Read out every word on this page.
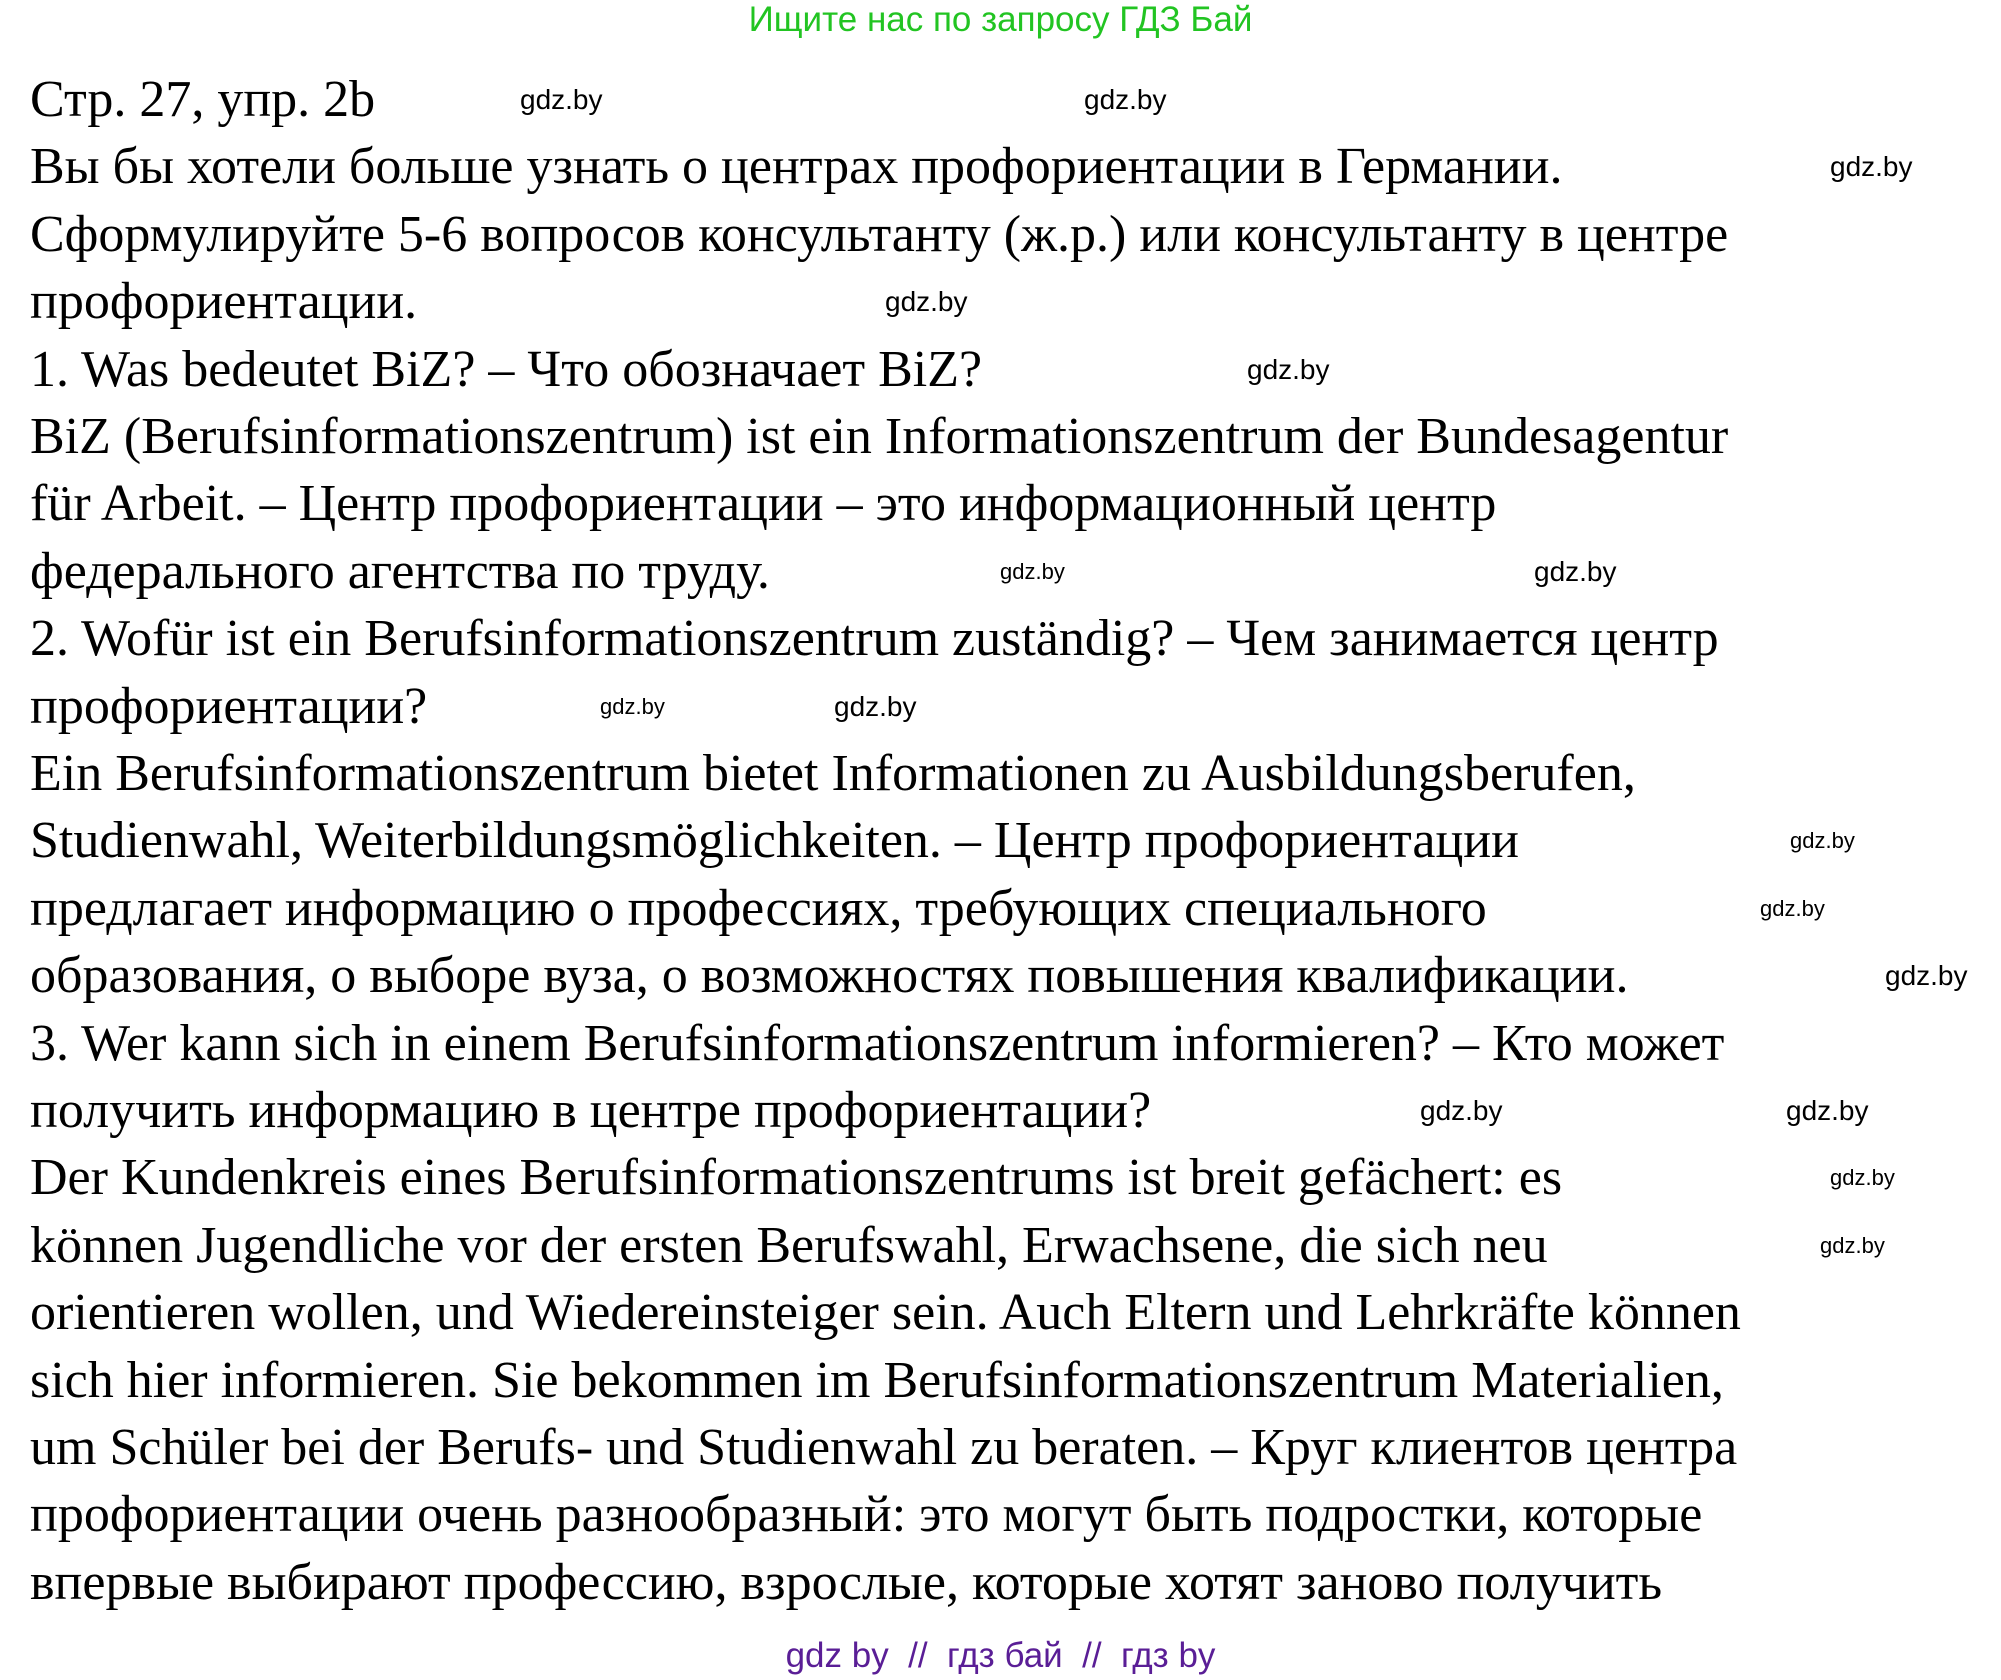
Ищите нас по запросу ГДЗ Бай
Стр. 27, упр. 2b
Вы бы хотели больше узнать о центрах профориентации в Германии.
Сформулируйте 5-6 вопросов консультанту (ж.р.) или консультанту в центре
профориентации.
1. Was bedeutet BiZ? – Что обозначает BiZ?
BiZ (Berufsinformationszentrum) ist ein Informationszentrum der Bundesagentur
für Arbeit. – Центр профориентации – это информационный центр
федерального агентства по труду.
2. Wofür ist ein Berufsinformationszentrum zuständig? – Чем занимается центр
профориентации?
Ein Berufsinformationszentrum bietet Informationen zu Ausbildungsberufen,
Studienwahl, Weiterbildungsmöglichkeiten. – Центр профориентации
предлагает информацию о профессиях, требующих специального
образования, о выборе вуза, о возможностях повышения квалификации.
3. Wer kann sich in einem Berufsinformationszentrum informieren? – Кто может
получить информацию в центре профориентации?
Der Kundenkreis eines Berufsinformationszentrums ist breit gefächert: es
können Jugendliche vor der ersten Berufswahl, Erwachsene, die sich neu
orientieren wollen, und Wiedereinsteiger sein. Auch Eltern und Lehrkräfte können
sich hier informieren. Sie bekommen im Berufsinformationszentrum Materialien,
um Schüler bei der Berufs- und Studienwahl zu beraten. – Круг клиентов центра
профориентации очень разнообразный: это могут быть подростки, которые
впервые выбирают профессию, взрослые, которые хотят заново получить
gdz.by	gdz.by
gdz.by
gdz.by
gdz.by
gdz.by	gdz.by
gdz.by
gdz.by
gdz.by	gdz.by
gdz.by
gdz.by
gdz.by
gdz.by
gdz.by
gdz by  //  гдз бай  //  гдз by
